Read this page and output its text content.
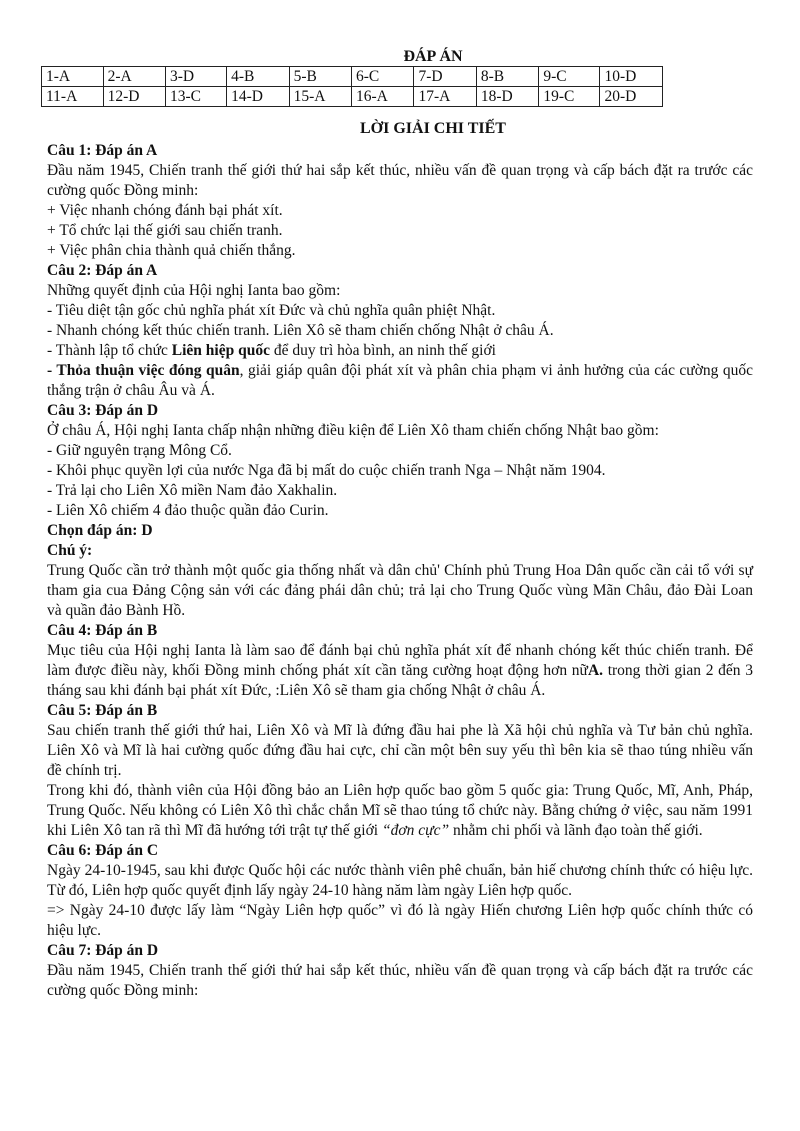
ĐÁP ÁN

1-A	2-A	3-D	4-B	5-B	6-C	7-D	8-B	9-C	10-D
11-A	12-D	13-C	14-D	15-A	16-A	17-A	18-D	19-C	20-D

LỜI GIẢI CHI TIẾT

Câu 1: Đáp án A

Đầu năm 1945, Chiến tranh thế giới thứ hai sắp kết thúc, nhiều vấn đề quan trọng và cấp bách đặt ra trước các cường quốc Đồng minh:

+ Việc nhanh chóng đánh bại phát xít.

+ Tổ chức lại thế giới sau chiến tranh.

+ Việc phân chia thành quả chiến thắng.

Câu 2: Đáp án A

Những quyết định của Hội nghị Ianta bao gồm:

- Tiêu diệt tận gốc chủ nghĩa phát xít Đức và chủ nghĩa quân phiệt Nhật.

- Nhanh chóng kết thúc chiến tranh. Liên Xô sẽ tham chiến chống Nhật ở châu Á.

- Thành lập tổ chức Liên hiệp quốc để duy trì hòa bình, an ninh thế giới

- Thỏa thuận việc đóng quân, giải giáp quân đội phát xít và phân chia phạm vi ảnh hưởng của các cường quốc thắng trận ở châu Âu và Á.

Câu 3: Đáp án D

Ở châu Á, Hội nghị Ianta chấp nhận những điều kiện để Liên Xô tham chiến chống Nhật bao gồm:

- Giữ nguyên trạng Mông Cổ.

- Khôi phục quyền lợi của nước Nga đã bị mất do cuộc chiến tranh Nga – Nhật năm 1904.

- Trả lại cho Liên Xô miền Nam đảo Xakhalin.

- Liên Xô chiếm 4 đảo thuộc quần đảo Curin.

Chọn đáp án: D

Chú ý:

Trung Quốc cần trở thành một quốc gia thống nhất và dân chủ' Chính phủ Trung Hoa Dân quốc cần cải tổ với sự tham gia cua Đảng Cộng sản với các đảng phái dân chủ; trả lại cho Trung Quốc vùng Mãn Châu, đảo Đài Loan và quần đảo Bành Hồ.

Câu 4: Đáp án B

Mục tiêu của Hội nghị Ianta là làm sao để đánh bại chủ nghĩa phát xít để nhanh chóng kết thúc chiến tranh. Để làm được điều này, khối Đồng minh chống phát xít cần tăng cường hoạt động hơn nữA. trong thời gian 2 đến 3 tháng sau khi đánh bại phát xít Đức, :Liên Xô sẽ tham gia chống Nhật ở châu Á.

Câu 5: Đáp án B

Sau chiến tranh thế giới thứ hai, Liên Xô và Mĩ là đứng đầu hai phe là Xã hội chủ nghĩa và Tư bản chủ nghĩa. Liên Xô và Mĩ là hai cường quốc đứng đầu hai cực, chỉ cần một bên suy yếu thì bên kia sẽ thao túng nhiều vấn đề chính trị.

Trong khi đó, thành viên của Hội đồng bảo an Liên hợp quốc bao gồm 5 quốc gia: Trung Quốc, Mĩ, Anh, Pháp, Trung Quốc. Nếu không có Liên Xô thì chắc chắn Mĩ sẽ thao túng tổ chức này. Bằng chứng ở việc, sau năm 1991 khi Liên Xô tan rã thì Mĩ đã hướng tới trật tự thế giới “đơn cực” nhằm chi phối và lãnh đạo toàn thế giới.

Câu 6: Đáp án C

Ngày 24-10-1945, sau khi được Quốc hội các nước thành viên phê chuẩn, bản hiế chương chính thức có hiệu lực. Từ đó, Liên hợp quốc quyết định lấy ngày 24-10 hàng năm làm ngày Liên hợp quốc.

=> Ngày 24-10 được lấy làm “Ngày Liên hợp quốc” vì đó là ngày Hiến chương Liên hợp quốc chính thức có hiệu lực.

Câu 7: Đáp án D

Đầu năm 1945, Chiến tranh thế giới thứ hai sắp kết thúc, nhiều vấn đề quan trọng và cấp bách đặt ra trước các cường quốc Đồng minh:
